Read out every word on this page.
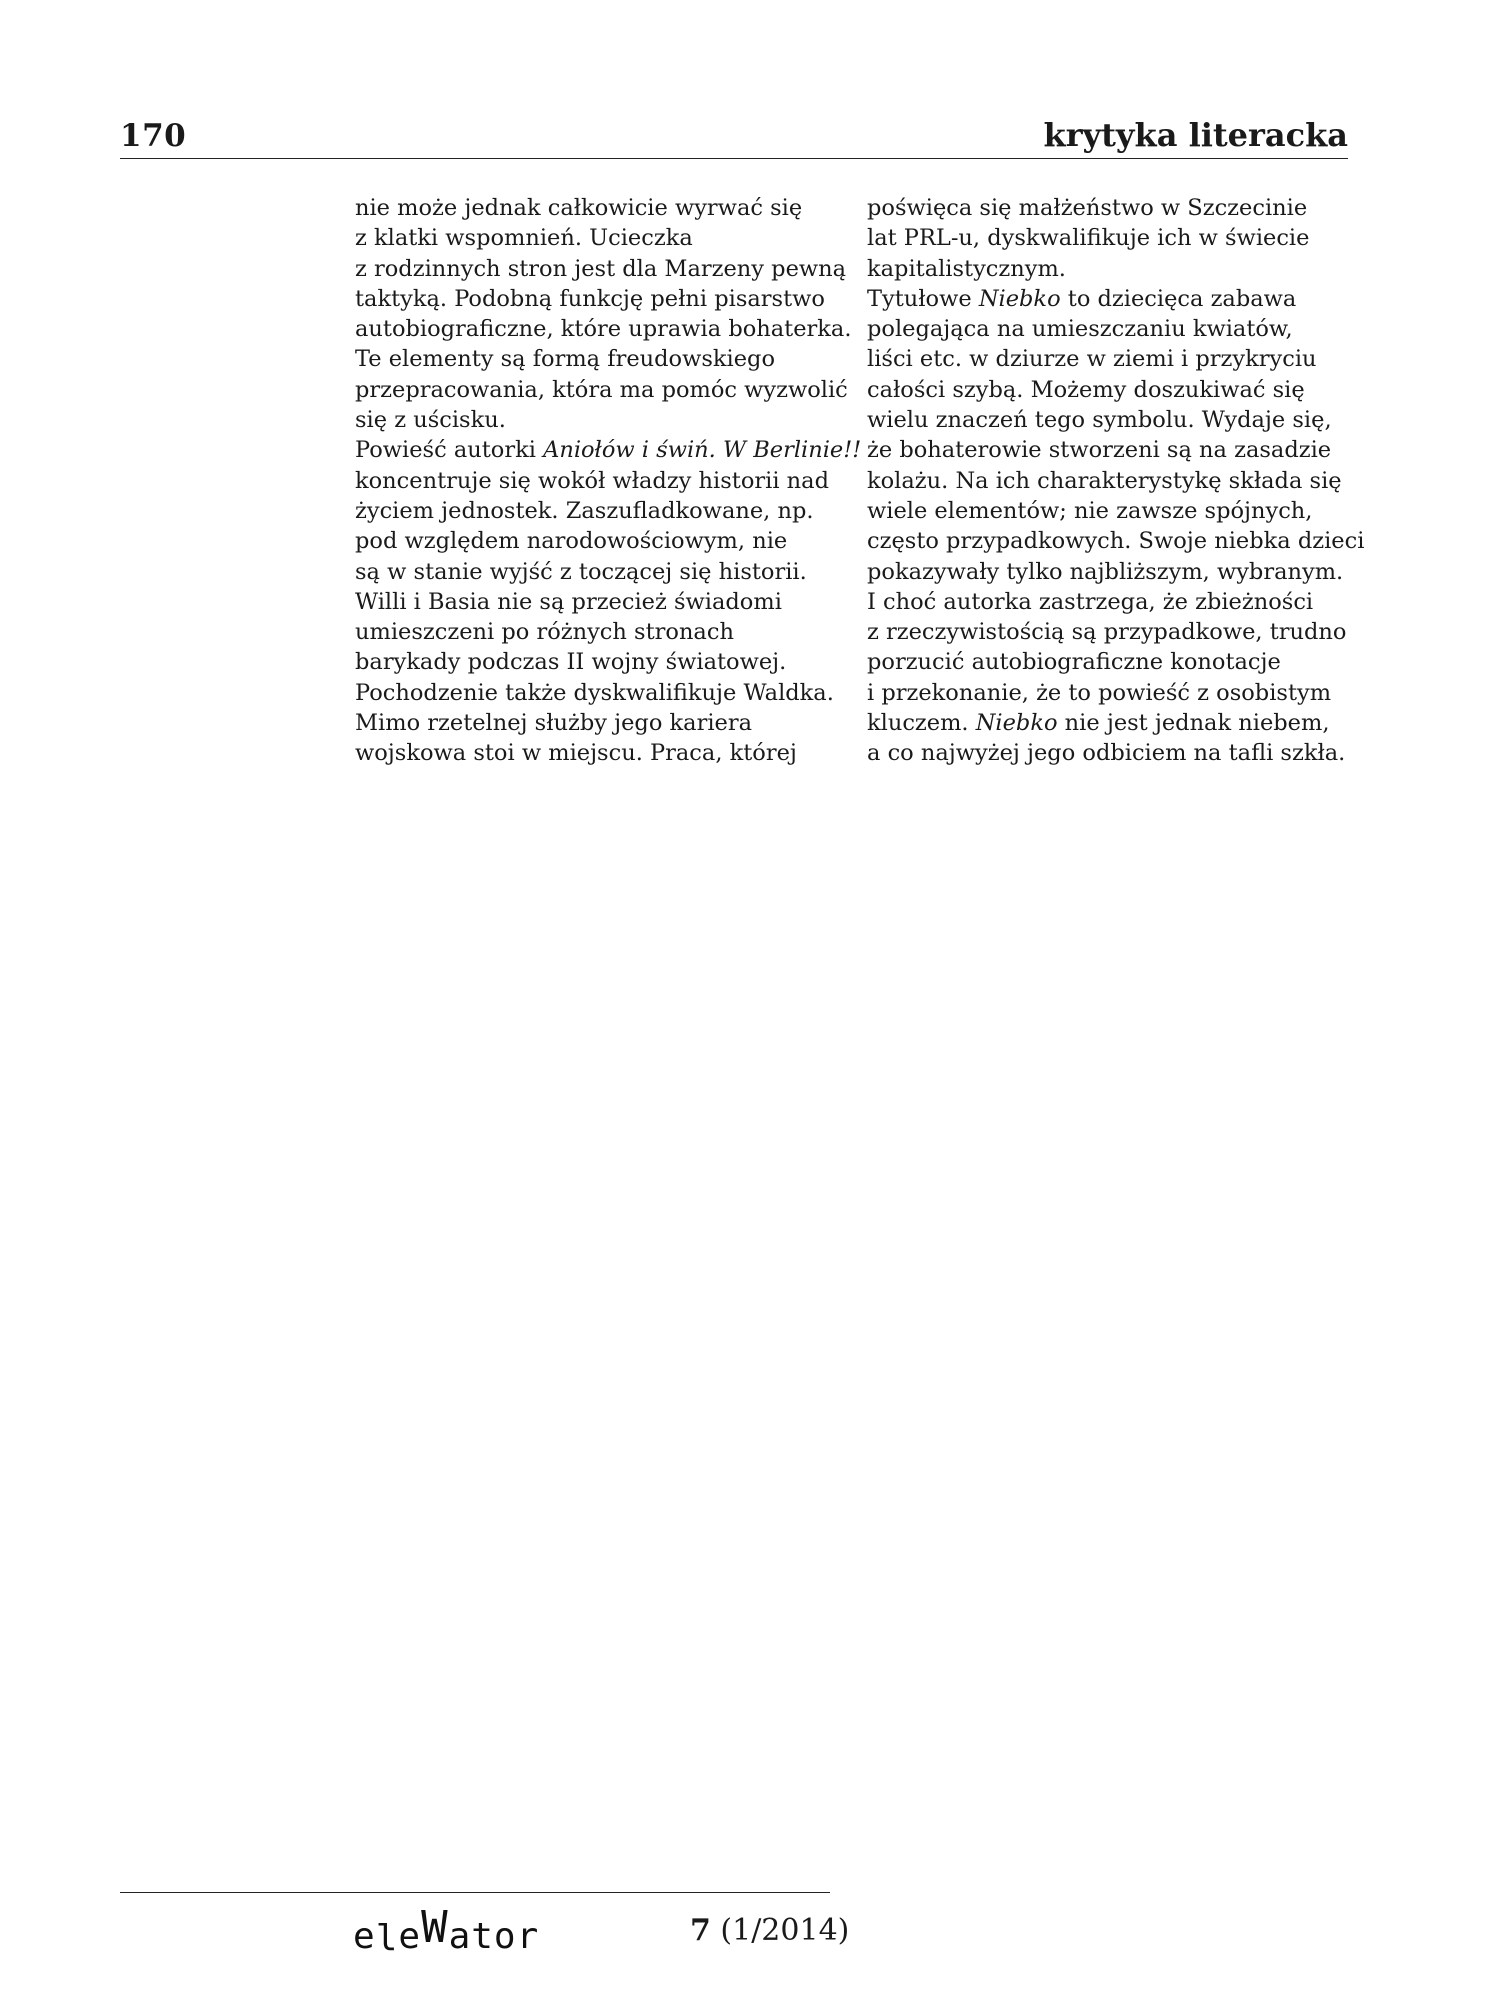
170	krytyka literacka
nie może jednak całkowicie wyrwać się
z klatki wspomnień. Ucieczka
z rodzinnych stron jest dla Marzeny pewną
taktyką. Podobną funkcję pełni pisarstwo
autobiograficzne, które uprawia bohaterka.
Te elementy są formą freudowskiego
przepracowania, która ma pomóc wyzwolić
się z uścisku.
Powieść autorki Aniołów i świń. W Berlinie!!
koncentruje się wokół władzy historii nad
życiem jednostek. Zaszufladkowane, np.
pod względem narodowościowym, nie
są w stanie wyjść z toczącej się historii.
Willi i Basia nie są przecież świadomi
umieszczeni po różnych stronach
barykady podczas II wojny światowej.
Pochodzenie także dyskwalifikuje Waldka.
Mimo rzetelnej służby jego kariera
wojskowa stoi w miejscu. Praca, której
poświęca się małżeństwo w Szczecinie
lat PRL-u, dyskwalifikuje ich w świecie
kapitalistycznym.
Tytułowe Niebko to dziecięca zabawa
polegająca na umieszczaniu kwiatów,
liści etc. w dziurze w ziemi i przykryciu
całości szybą. Możemy doszukiwać się
wielu znaczeń tego symbolu. Wydaje się,
że bohaterowie stworzeni są na zasadzie
kolażu. Na ich charakterystykę składa się
wiele elementów; nie zawsze spójnych,
często przypadkowych. Swoje niebka dzieci
pokazywały tylko najbliższym, wybranym.
I choć autorka zastrzega, że zbieżności
z rzeczywistością są przypadkowe, trudno
porzucić autobiograficzne konotacje
i przekonanie, że to powieść z osobistym
kluczem. Niebko nie jest jednak niebem,
a co najwyżej jego odbiciem na tafli szkła.
eleWator	7 (1/2014)
